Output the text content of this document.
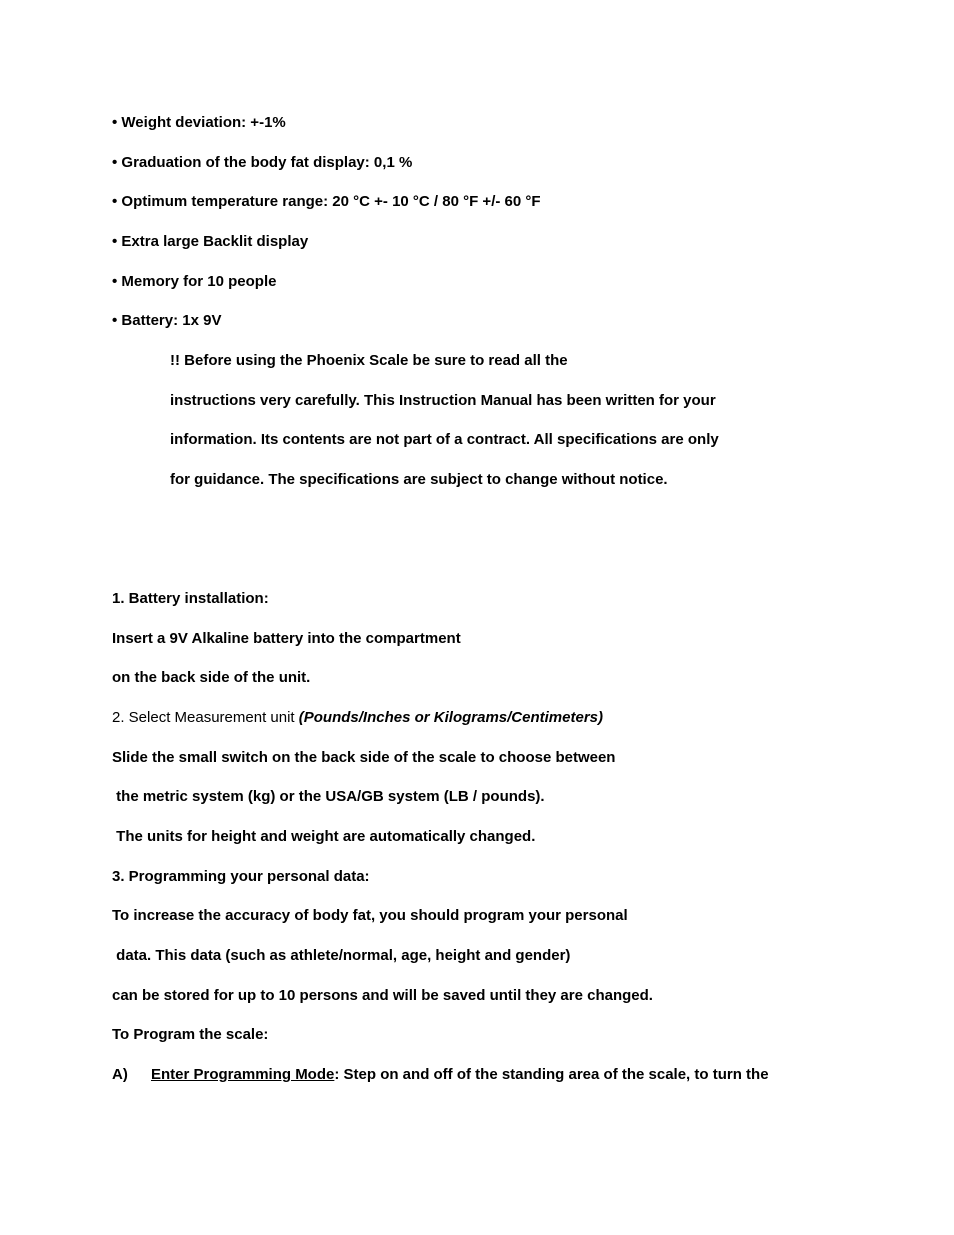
• Weight deviation: +-1%
• Graduation of the body fat display: 0,1 %
• Optimum temperature range: 20 °C +- 10 °C / 80 °F +/- 60 °F
• Extra large Backlit display
• Memory for 10 people
• Battery: 1x 9V
!! Before using the Phoenix Scale be sure to read all the
instructions very carefully. This Instruction Manual has been written for your
information. Its contents are not part of a contract. All specifications are only
for guidance. The specifications are subject to change without notice.
1. Battery installation:
Insert a 9V Alkaline battery into the compartment
on the back side of the unit.
2. Select Measurement unit (Pounds/Inches or Kilograms/Centimeters)
Slide the small switch on the back side of the scale to choose between
the metric system (kg) or the USA/GB system (LB / pounds).
The units for height and weight are automatically changed.
3. Programming your personal data:
To increase the accuracy of body fat, you should program your personal
data. This data (such as athlete/normal, age, height and gender)
can be stored for up to 10 persons and will be saved until they are changed.
To Program the scale:
A) Enter Programming Mode: Step on and off of the standing area of the scale, to turn the
